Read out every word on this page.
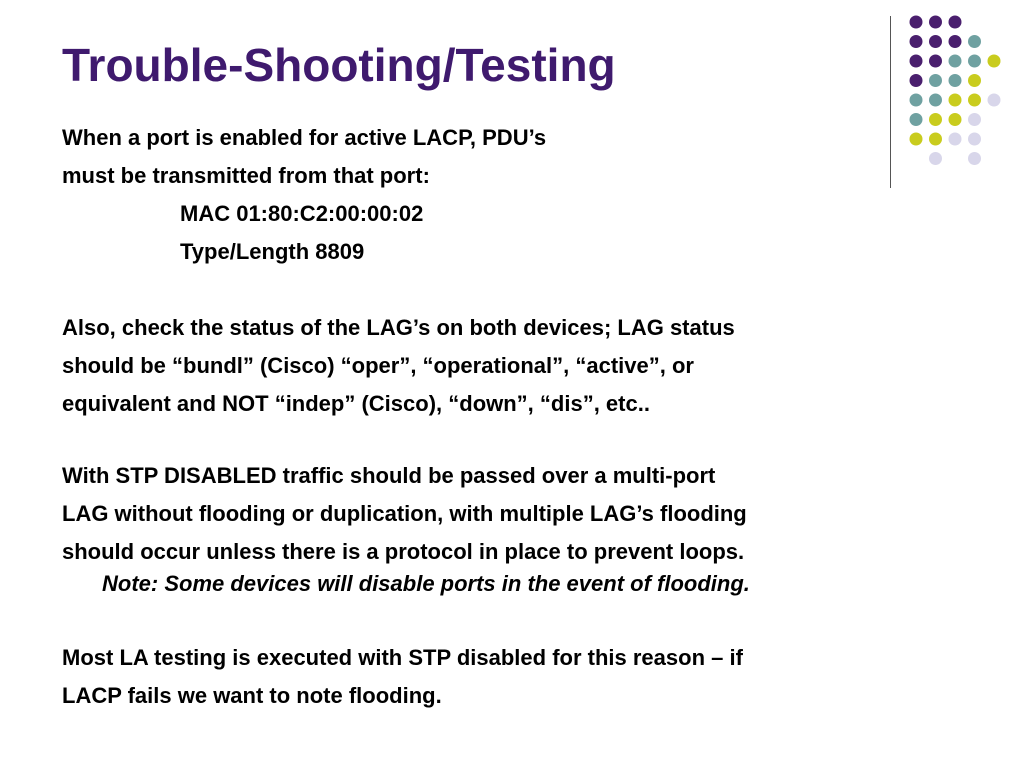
Trouble-Shooting/Testing
When a port is enabled for active LACP, PDU’s
must be transmitted from that port:
MAC 01:80:C2:00:00:02
Type/Length 8809
Also, check the status of the LAG’s on both devices; LAG status
should be “bundl” (Cisco) “oper”, “operational”, “active”, or
equivalent and NOT “indep” (Cisco), “down”, “dis”, etc..
With STP DISABLED traffic should be passed over a multi-port
LAG without flooding or duplication, with multiple LAG’s flooding
should occur unless there is a protocol in place to prevent loops.
Note: Some devices will disable ports in the event of flooding.
Most LA testing is executed with STP disabled for this reason – if
LACP fails we want to note flooding.
